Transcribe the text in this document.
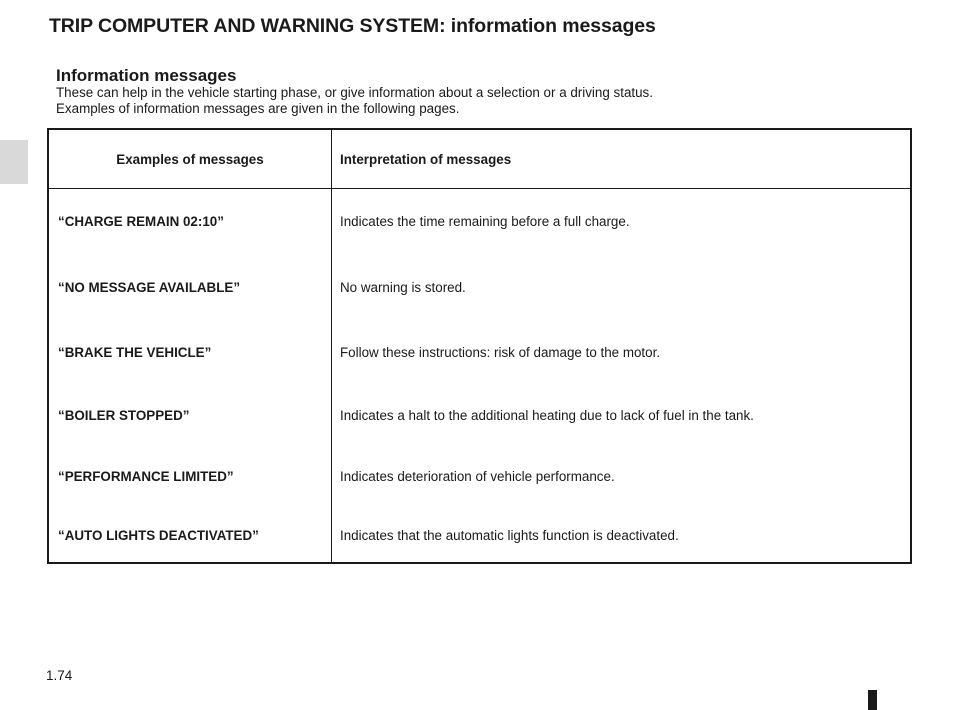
TRIP COMPUTER AND WARNING SYSTEM: information messages

Information messages

These can help in the vehicle starting phase, or give information about a selection or a driving status.

Examples of information messages are given in the following pages.

Examples of messages	Interpretation of messages
“CHARGE REMAIN 02:10”	Indicates the time remaining before a full charge.
“NO MESSAGE AVAILABLE”	No warning is stored.
“BRAKE THE VEHICLE”	Follow these instructions: risk of damage to the motor.
“BOILER STOPPED”	Indicates a halt to the additional heating due to lack of fuel in the tank.
“PERFORMANCE LIMITED”	Indicates deterioration of vehicle performance.
“AUTO LIGHTS DEACTIVATED”	Indicates that the automatic lights function is deactivated.
1.74
